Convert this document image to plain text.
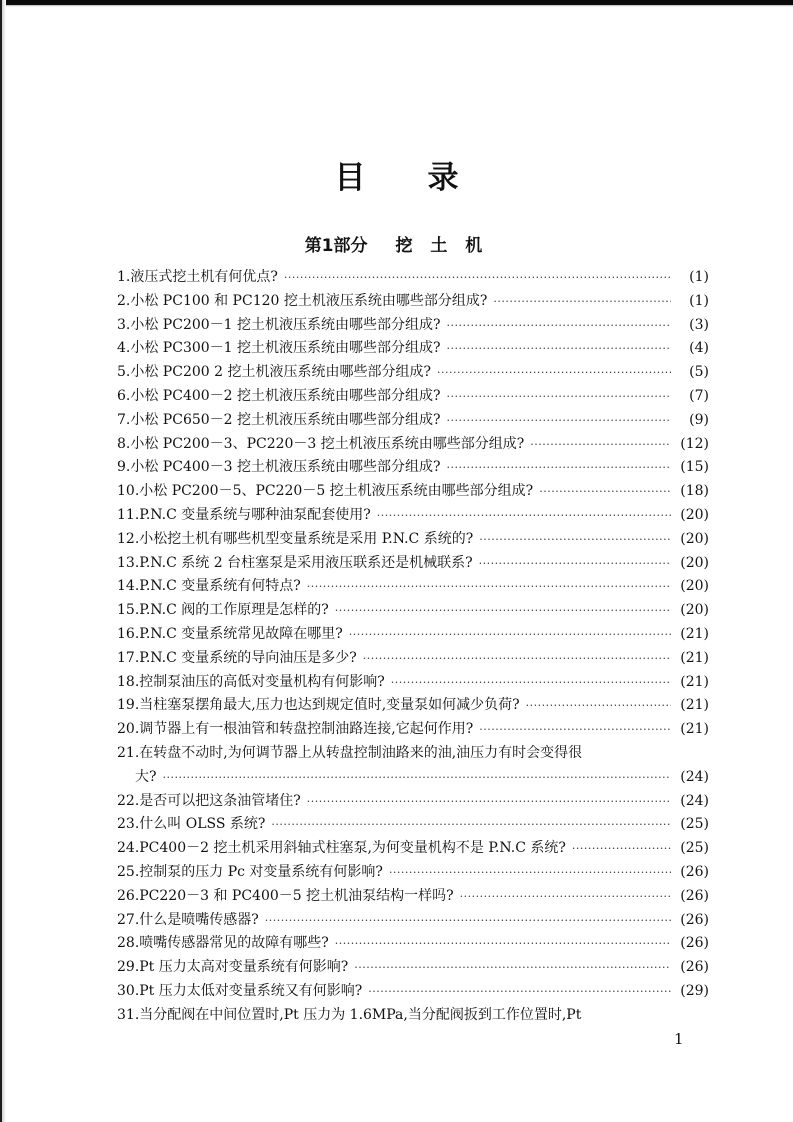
目 录
第1部分 挖 土 机
1.液压式挖土机有何优点? ·····	(1)
2.小松 PC100 和 PC120 挖土机液压系统由哪些部分组成? ·····	(1)
3.小松 PC200－1 挖土机液压系统由哪些部分组成? ·····	(3)
4.小松 PC300－1 挖土机液压系统由哪些部分组成? ·····	(4)
5.小松 PC200 2 挖土机液压系统由哪些部分组成? ·····	(5)
6.小松 PC400－2 挖土机液压系统由哪些部分组成? ·····	(7)
7.小松 PC650－2 挖土机液压系统由哪些部分组成? ·····	(9)
8.小松 PC200－3、PC220－3 挖土机液压系统由哪些部分组成? ·····	(12)
9.小松 PC400－3 挖土机液压系统由哪些部分组成? ·····	(15)
10.小松 PC200－5、PC220－5 挖土机液压系统由哪些部分组成? ·····	(18)
11.P.N.C 变量系统与哪种油泵配套使用? ·····	(20)
12.小松挖土机有哪些机型变量系统是采用 P.N.C 系统的? ·····	(20)
13.P.N.C 系统 2 台柱塞泵是采用液压联系还是机械联系? ·····	(20)
14.P.N.C 变量系统有何特点? ·····	(20)
15.P.N.C 阀的工作原理是怎样的? ·····	(20)
16.P.N.C 变量系统常见故障在哪里? ·····	(21)
17.P.N.C 变量系统的导向油压是多少? ·····	(21)
18.控制泵油压的高低对变量机构有何影响? ·····	(21)
19.当柱塞泵摆角最大,压力也达到规定值时,变量泵如何减少负荷? ·····	(21)
20.调节器上有一根油管和转盘控制油路连接,它起何作用? ·····	(21)
21.在转盘不动时,为何调节器上从转盘控制油路来的油,油压力有时会变得很
大? ·····	(24)
22.是否可以把这条油管堵住? ·····	(24)
23.什么叫 OLSS 系统? ·····	(25)
24.PC400－2 挖土机采用斜轴式柱塞泵,为何变量机构不是 P.N.C 系统? ·····	(25)
25.控制泵的压力 Pc 对变量系统有何影响? ·····	(26)
26.PC220－3 和 PC400－5 挖土机油泵结构一样吗? ·····	(26)
27.什么是喷嘴传感器? ·····	(26)
28.喷嘴传感器常见的故障有哪些? ·····	(26)
29.Pt 压力太高对变量系统有何影响? ·····	(26)
30.Pt 压力太低对变量系统又有何影响? ·····	(29)
31.当分配阀在中间位置时,Pt 压力为 1.6MPa,当分配阀扳到工作位置时,Pt
1
